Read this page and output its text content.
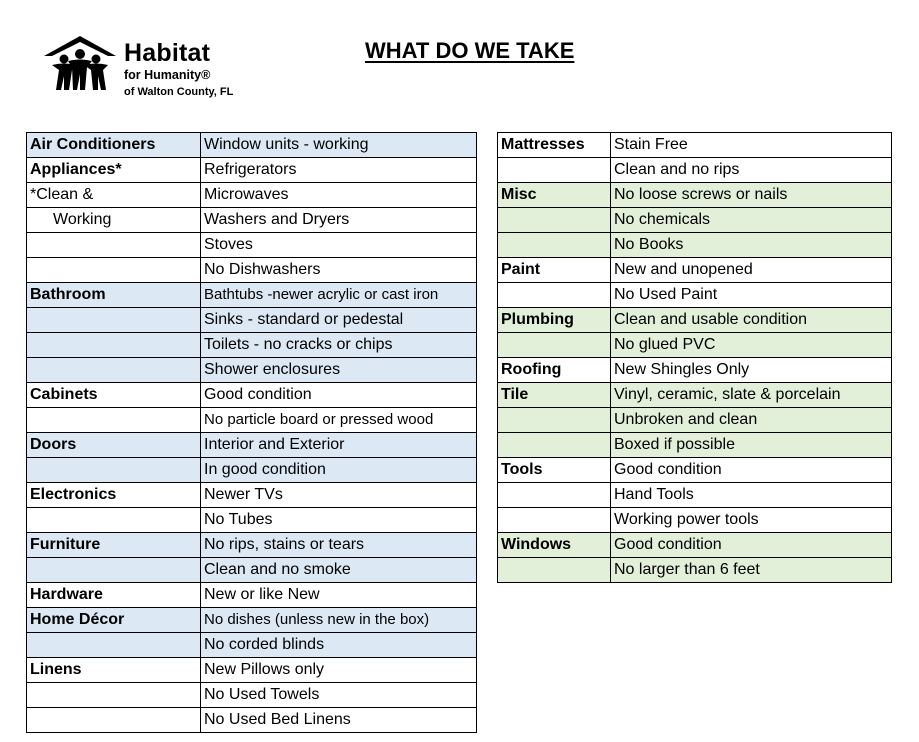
Habitat
for Humanity®
of Walton County, FL
WHAT DO WE TAKE
Air Conditioners	Window units - working
Appliances*	Refrigerators
*Clean &	Microwaves
Working	Washers and Dryers
	Stoves
	No Dishwashers
Bathroom	Bathtubs -newer acrylic or cast iron
	Sinks - standard or pedestal
	Toilets - no cracks or chips
	Shower enclosures
Cabinets	Good condition
	No particle board or pressed wood
Doors	Interior and Exterior
	In good condition
Electronics	Newer TVs
	No Tubes
Furniture	No rips, stains or tears
	Clean and no smoke
Hardware	New or like New
Home Décor	No dishes (unless new in the box)
	No corded blinds
Linens	New Pillows only
	No Used Towels
	No Used Bed Linens
Mattresses	Stain Free
	Clean and no rips
Misc	No loose screws or nails
	No chemicals
	No Books
Paint	New and unopened
	No Used Paint
Plumbing	Clean and usable condition
	No glued PVC
Roofing	New Shingles Only
Tile	Vinyl, ceramic, slate & porcelain
	Unbroken and clean
	Boxed if possible
Tools	Good condition
	Hand Tools
	Working power tools
Windows	Good condition
	No larger than 6 feet
